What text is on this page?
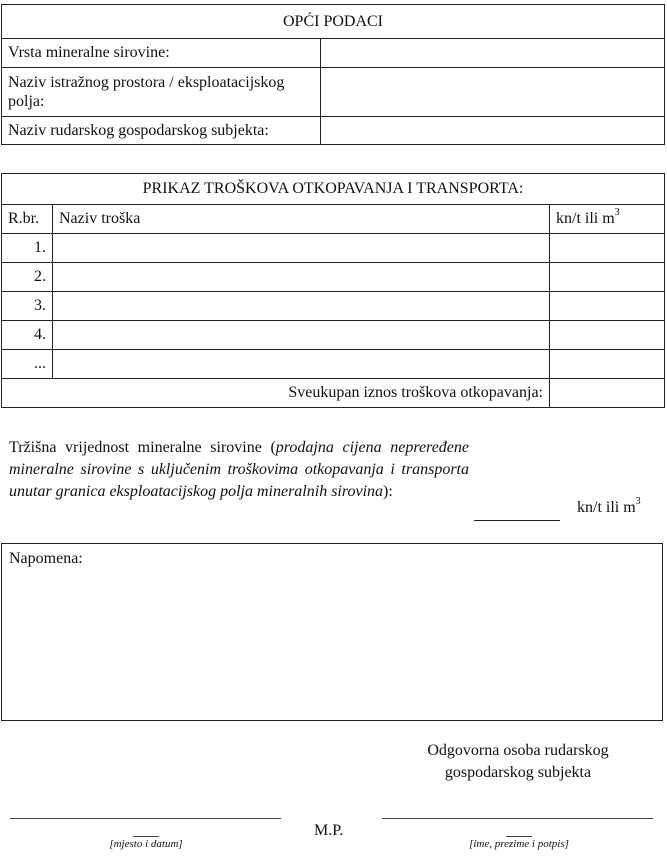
OPĆI PODACI	
Vrsta mineralne sirovine:	
Naziv istražnog prostora / eksploatacijskog polja:	
Naziv rudarskog gospodarskog subjekta:	
PRIKAZ TROŠKOVA OTKOPAVANJA I TRANSPORTA:		
R.br.	Naziv troška	kn/t ili $m^3$
1.		
2.		
3.		
4.		
...		
Sveukupan iznos troškova otkopavanja:		
Tržišna vrijednost mineralne sirovine (prodajna cijena nepreređene mineralne sirovine s uključenim troškovima otkopavanja i transporta unutar granica eksploatacijskog polja mineralnih sirovina):
kn/t ili $m^3$
Napomena:
Odgovorna osoba rudarskog
gospodarskog subjekta
M.P.
[mjesto i datum]	[ime, prezime i potpis]
